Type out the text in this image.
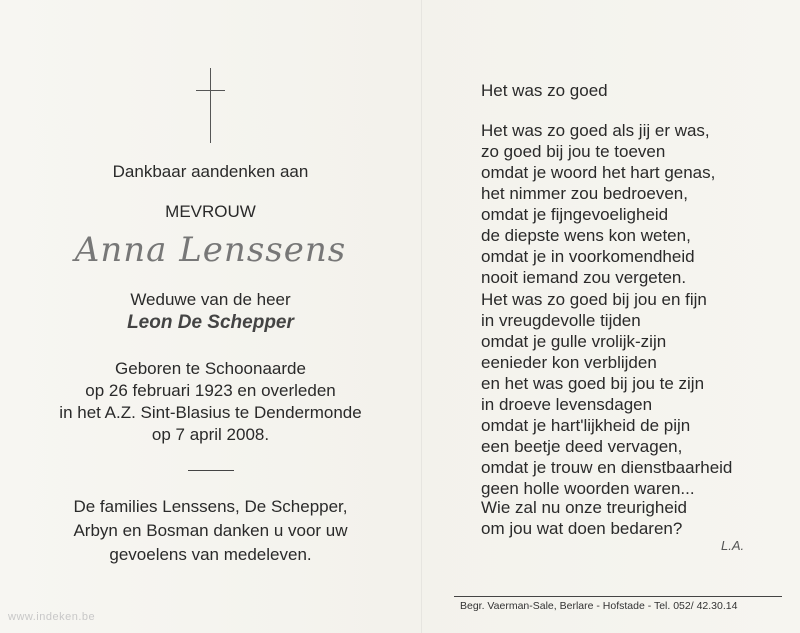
Dankbaar aandenken aan
MEVROUW
Anna Lenssens
Weduwe van de heer
Leon De Schepper
Geboren te Schoonaarde
op 26 februari 1923 en overleden
in het A.Z. Sint-Blasius te Dendermonde
op 7 april 2008.
De families Lenssens, De Schepper,
Arbyn en Bosman danken u voor uw
gevoelens van medeleven.
Het was zo goed
Het was zo goed als jij er was,
zo goed bij jou te toeven
omdat je woord het hart genas,
het nimmer zou bedroeven,
omdat je fijngevoeligheid
de diepste wens kon weten,
omdat je in voorkomendheid
nooit iemand zou vergeten.
Het was zo goed bij jou en fijn
in vreugdevolle tijden
omdat je gulle vrolijk-zijn
eenieder kon verblijden
en het was goed bij jou te zijn
in droeve levensdagen
omdat je hart'lijkheid de pijn
een beetje deed vervagen,
omdat je trouw en dienstbaarheid
geen holle woorden waren...
Wie zal nu onze treurigheid
om jou wat doen bedaren?
L.A.
Begr. Vaerman-Sale, Berlare - Hofstade - Tel. 052/ 42.30.14
www.indeken.be
